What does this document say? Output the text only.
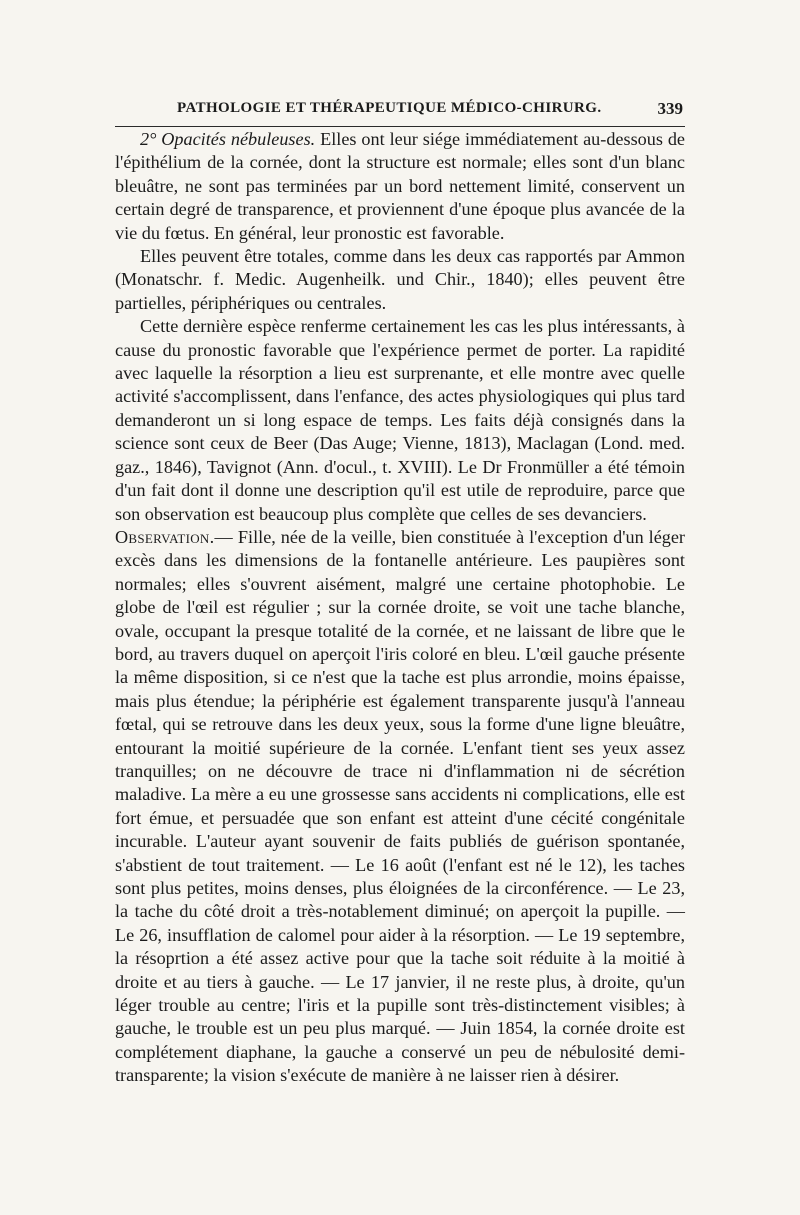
PATHOLOGIE ET THÉRAPEUTIQUE MÉDICO-CHIRURG.	339

2° Opacités nébuleuses. Elles ont leur siége immédiatement au-dessous de l'épithélium de la cornée, dont la structure est normale; elles sont d'un blanc bleuâtre, ne sont pas terminées par un bord nettement limité, conservent un certain degré de transparence, et proviennent d'une époque plus avancée de la vie du fœtus. En général, leur pronostic est favorable.

Elles peuvent être totales, comme dans les deux cas rapportés par Ammon (Monatschr. f. Medic. Augenheilk. und Chir., 1840); elles peuvent être partielles, périphériques ou centrales.

Cette dernière espèce renferme certainement les cas les plus intéressants, à cause du pronostic favorable que l'expérience permet de porter. La rapidité avec laquelle la résorption a lieu est surprenante, et elle montre avec quelle activité s'accomplissent, dans l'enfance, des actes physiologiques qui plus tard demanderont un si long espace de temps. Les faits déjà consignés dans la science sont ceux de Beer (Das Auge; Vienne, 1813), Maclagan (Lond. med. gaz., 1846), Tavignot (Ann. d'ocul., t. XVIII). Le Dr Fronmüller a été témoin d'un fait dont il donne une description qu'il est utile de reproduire, parce que son observation est beaucoup plus complète que celles de ses devanciers.

Observation.— Fille, née de la veille, bien constituée à l'exception d'un léger excès dans les dimensions de la fontanelle antérieure. Les paupières sont normales; elles s'ouvrent aisément, malgré une certaine photophobie. Le globe de l'œil est régulier ; sur la cornée droite, se voit une tache blanche, ovale, occupant la presque totalité de la cornée, et ne laissant de libre que le bord, au travers duquel on aperçoit l'iris coloré en bleu. L'œil gauche présente la même disposition, si ce n'est que la tache est plus arrondie, moins épaisse, mais plus étendue; la périphérie est également transparente jusqu'à l'anneau fœtal, qui se retrouve dans les deux yeux, sous la forme d'une ligne bleuâtre, entourant la moitié supérieure de la cornée. L'enfant tient ses yeux assez tranquilles; on ne découvre de trace ni d'inflammation ni de sécrétion maladive. La mère a eu une grossesse sans accidents ni complications, elle est fort émue, et persuadée que son enfant est atteint d'une cécité congénitale incurable. L'auteur ayant souvenir de faits publiés de guérison spontanée, s'abstient de tout traitement. — Le 16 août (l'enfant est né le 12), les taches sont plus petites, moins denses, plus éloignées de la circonférence. — Le 23, la tache du côté droit a très-notablement diminué; on aperçoit la pupille. — Le 26, insufflation de calomel pour aider à la résorption. — Le 19 septembre, la résoprtion a été assez active pour que la tache soit réduite à la moitié à droite et au tiers à gauche. — Le 17 janvier, il ne reste plus, à droite, qu'un léger trouble au centre; l'iris et la pupille sont très-distinctement visibles; à gauche, le trouble est un peu plus marqué. — Juin 1854, la cornée droite est complétement diaphane, la gauche a conservé un peu de nébulosité demi-transparente; la vision s'exécute de manière à ne laisser rien à désirer.
